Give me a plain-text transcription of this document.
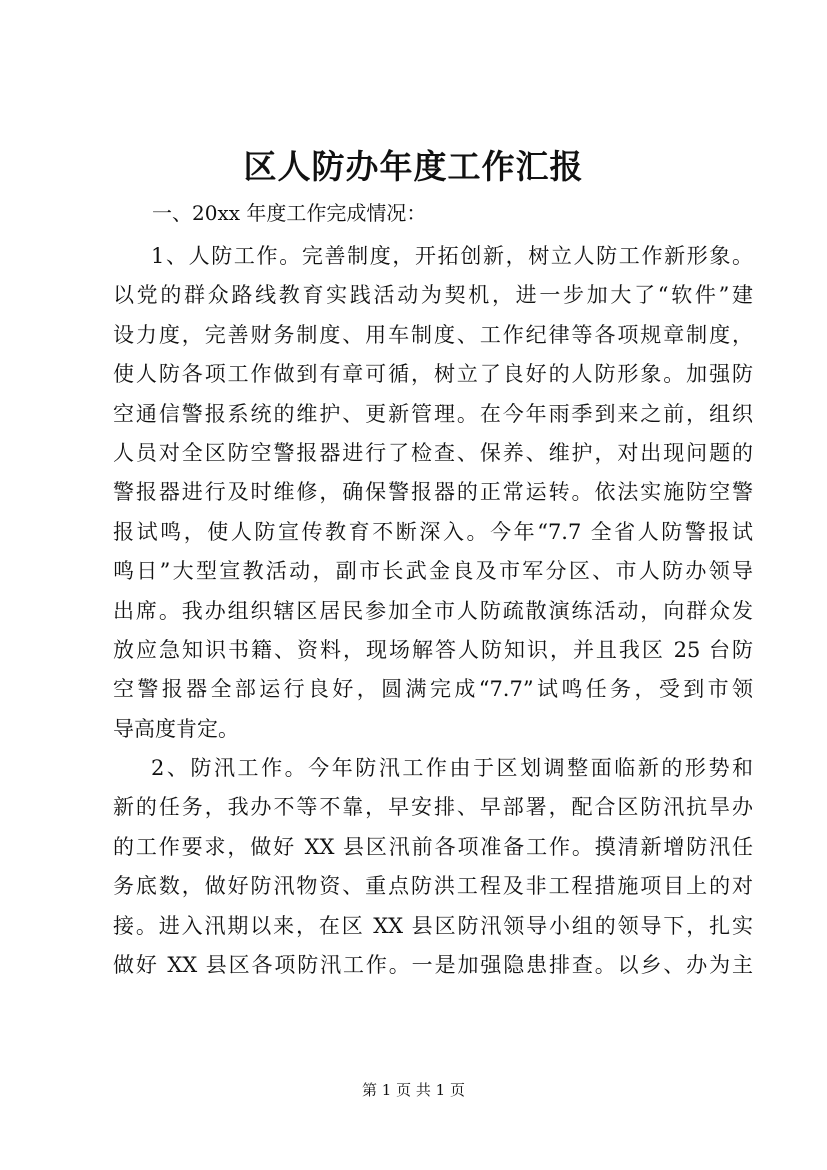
区人防办年度工作汇报

一、20xx 年度工作完成情况：

1、人防工作。完善制度，开拓创新，树立人防工作新形象。
以党的群众路线教育实践活动为契机，进一步加大了“软件”建
设力度，完善财务制度、用车制度、工作纪律等各项规章制度，
使人防各项工作做到有章可循，树立了良好的人防形象。加强防
空通信警报系统的维护、更新管理。在今年雨季到来之前，组织
人员对全区防空警报器进行了检查、保养、维护，对出现问题的
警报器进行及时维修，确保警报器的正常运转。依法实施防空警
报试鸣，使人防宣传教育不断深入。今年“7.7 全省人防警报试
鸣日”大型宣教活动，副市长武金良及市军分区、市人防办领导
出席。我办组织辖区居民参加全市人防疏散演练活动，向群众发
放应急知识书籍、资料，现场解答人防知识，并且我区 25 台防
空警报器全部运行良好，圆满完成“7.7”试鸣任务，受到市领
导高度肯定。
2、防汛工作。今年防汛工作由于区划调整面临新的形势和
新的任务，我办不等不靠，早安排、早部署，配合区防汛抗旱办
的工作要求，做好 XX 县区汛前各项准备工作。摸清新增防汛任
务底数，做好防汛物资、重点防洪工程及非工程措施项目上的对
接。进入汛期以来，在区 XX 县区防汛领导小组的领导下，扎实
做好 XX 县区各项防汛工作。一是加强隐患排查。以乡、办为主
第 1 页 共 1 页
